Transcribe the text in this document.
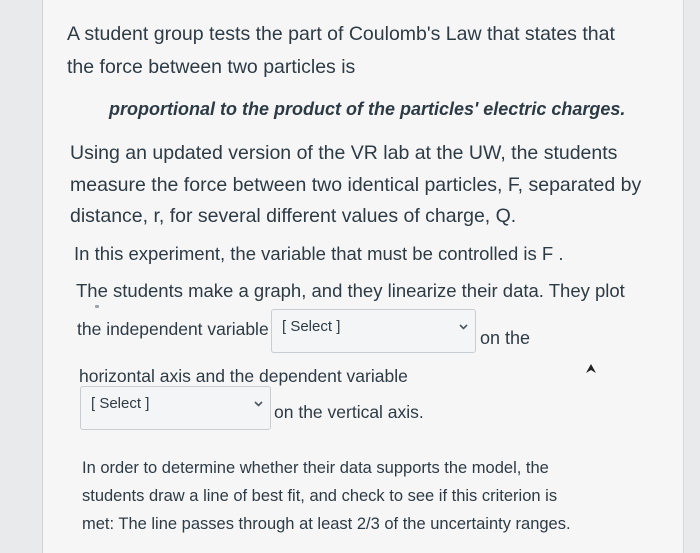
A student group tests the part of Coulomb's Law that states that
the force between two particles is
proportional to the product of the particles' electric charges.
Using an updated version of the VR lab at the UW, the students
measure the force between two identical particles, F, separated by
distance, r, for several different values of charge, Q.
In this experiment, the variable that must be controlled is F .
The students make a graph, and they linearize their data. They plot
the independent variable [ Select ]
on the
horizontal axis and the dependent variable
[ Select ]	on the vertical axis.
In order to determine whether their data supports the model, the
students draw a line of best fit, and check to see if this criterion is
met: The line passes through at least 2/3 of the uncertainty ranges.
